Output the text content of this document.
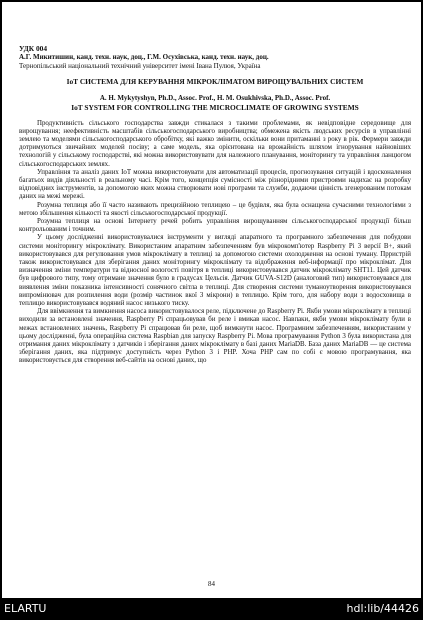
УДК 004
А.Г. Микитишин, канд. техн. наук, доц., Г.М. Осухівська, канд. техн. наук, доц.
Тернопільський національний технічний університет імені Івана Пулюя, Україна
IoT СИСТЕМА ДЛЯ КЕРУВАННЯ МІКРОКЛІМАТОМ ВИРОЩУВАЛЬНИХ СИСТЕМ
A. H. Mykytyshyn, Ph.D., Assoc. Prof., H. M. Osukhivska, Ph.D., Assoc. Prof.
IoT SYSTEM FOR CONTROLLING THE MICROCLIMATE OF GROWING SYSTEMS

Продуктивність сільського господарства завжди стикалася з такими проблемами, як невідповідне середовище для вирощування; неефективність масштабів сільськогосподарського виробництва; обмежена якість людських ресурсів в управлінні землею та моделями сільськогосподарського обробітку, які важко змінити, оскільки вони притаманні з року в рік. Фермери завжди дотримуються звичайних моделей посіву; а саме модель, яка орієнтована на врожайність шляхом ігнорування найновіших технологій у сільському господарстві, які можна використовувати для належного планування, моніторингу та управління ланцюгом сільськогосподарських землях.

Управління та аналіз даних IoT можна використовувати для автоматизації процесів, прогнозування ситуацій і вдосконалення багатьох видів діяльності в реальному часі. Крім того, концепція сумісності між різнорідними пристроями надихає на розробку відповідних інструментів, за допомогою яких можна створювати нові програми та служби, додаючи цінність згенерованим потокам даних на межі мережі.

Розумна теплиця або її часто називають прецизійною теплицею – це будівля, яка була оснащена сучасними технологіями з метою збільшення кількості та якості сільськогосподарської продукції.

Розумна теплиця на основі Інтернету речей робить управління вирощуванням сільськогосподарської продукції більш контрольованим і точним.

У цьому дослідженні використовувалися інструменти у вигляді апаратного та програмного забезпечення для побудови системи моніторингу мікроклімату. Використаним апаратним забезпеченням був мікрокомп'ютер Raspberry Pi 3 версії B+, який використовувався для регулювання умов мікроклімату в теплиці за допомогою системи охолодження на основі туману. Прристрій також використовувався для зберігання даних моніторингу мікроклімату та відображення веб-інформації про мікроклімат. Для визначення зміни температури та відносної вологості повітря в теплиці використовувався датчик мікроклімату SHT11. Цей датчик був цифрового типу, тому отримане значення було в градусах Цельсія. Датчик GUVA-S12D (аналоговий тип) використовувався для виявлення зміни показника інтенсивності сонячного світла в теплиці. Для створення системи туманоутворення використовувався випромінювач для розпилення води (розмір частинок вкої 3 мікрони) в теплицю. Крім того, для набору води з водосховища в теплицю використовувався водяний насос низького тиску.

Для ввімкнення та вимкнення насоса використовувалося реле, підключене до Raspberry Pi. Якби умови мікроклімату в теплиці виходили за встановлені значення, Raspberry Pi спрацьовував би реле і вмикав насос. Навпаки, якби умови мікроклімату були в межах встановлених значень, Raspberry Pi спрацював би реле, щоб вимкнути насос. Програмним забезпеченням, використаним у цьому дослідженні, була операційна система Raspbian для запуску Raspberry Pi. Мова програмування Python 3 була використана для отримання даних мікроклімату з датчиків і зберігання даних мікроклімату в базі даних MariaDB. База даних MariaDB — це система зберігання даних, яка підтримує доступність через Python 3 і PHP. Хоча PHP сам по собі є мовою програмування, яка використовується для створення веб-сайтів на основі даних, що

84
ELARTU	hdl:lib/44426
